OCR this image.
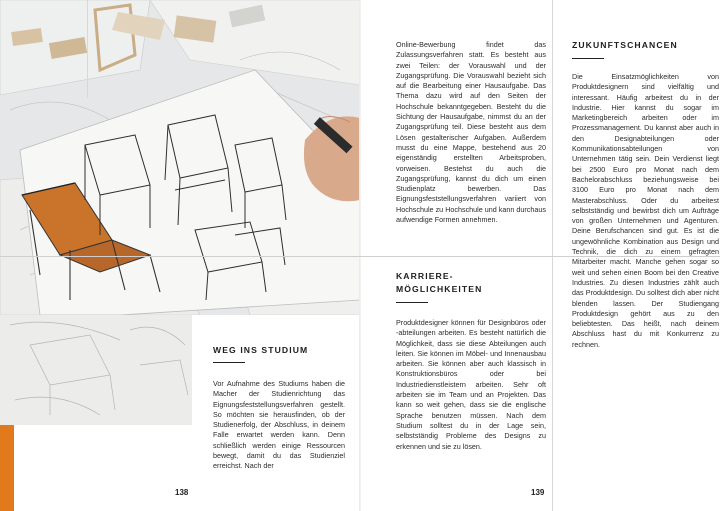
WEG INS STUDIUM
Vor Aufnahme des Studiums haben die Macher der Studienrichtung das Eignungsfeststellungsverfahren gestellt. So möchten sie herausfinden, ob der Studienerfolg, der Abschluss, in deinem Falle erwartet werden kann. Denn schließlich werden einige Ressourcen bewegt, damit du das Studienziel erreichst. Nach der
138
Online-Bewerbung findet das Zulassungsverfahren statt. Es besteht aus zwei Teilen: der Vorauswahl und der Zugangsprüfung. Die Vorauswahl bezieht sich auf die Bearbeitung einer Hausaufgabe. Das Thema dazu wird auf den Seiten der Hochschule bekanntgegeben. Besteht du die Sichtung der Hausaufgabe, nimmst du an der Zugangsprüfung teil. Diese besteht aus dem Lösen gestalterischer Aufgaben. Außerdem musst du eine Mappe, bestehend aus 20 eigenständig erstellten Arbeitsproben, vorweisen. Bestehst du auch die Zugangsprüfung, kannst du dich um einen Studienplatz bewerben. Das Eignungsfeststellungsverfahren variiert von Hochschule zu Hochschule und kann durchaus aufwendige Formen annehmen.
KARRIERE-
MÖGLICHKEITEN
Produktdesigner können für Designbüros oder -abteilungen arbeiten. Es besteht natürlich die Möglichkeit, dass sie diese Abteilungen auch leiten. Sie können im Möbel- und Innenausbau arbeiten. Sie können aber auch klassisch in Konstruktionsbüros oder bei Industriedienstleistern arbeiten. Sehr oft arbeiten sie im Team und an Projekten. Das kann so weit gehen, dass sie die englische Sprache benutzen müssen. Nach dem Studium solltest du in der Lage sein, selbstständig Probleme des Designs zu erkennen und sie zu lösen.
ZUKUNFTSCHANCEN
Die Einsatzmöglichkeiten von Produktdesignern sind vielfältig und interessant. Häufig arbeitest du in der Industrie. Hier kannst du sogar im Marketingbereich arbeiten oder im Prozessmanagement. Du kannst aber auch in den Designabteilungen oder Kommunikationsabteilungen von Unternehmen tätig sein. Dein Verdienst liegt bei 2500 Euro pro Monat nach dem Bachelorabschluss beziehungsweise bei 3100 Euro pro Monat nach dem Masterabschluss. Oder du arbeitest selbstständig und bewirbst dich um Aufträge von großen Unternehmen und Agenturen. Deine Berufschancen sind gut. Es ist die ungewöhnliche Kombination aus Design und Technik, die dich zu einem gefragten Mitarbeiter macht. Manche gehen sogar so weit und sehen einen Boom bei den Creative Industries. Zu diesen Industries zählt auch das Produktdesign. Du solltest dich aber nicht blenden lassen. Der Studiengang Produktdesign gehört aus zu den beliebtesten. Das heißt, nach deinem Abschluss hast du mit Konkurrenz zu rechnen.
139
